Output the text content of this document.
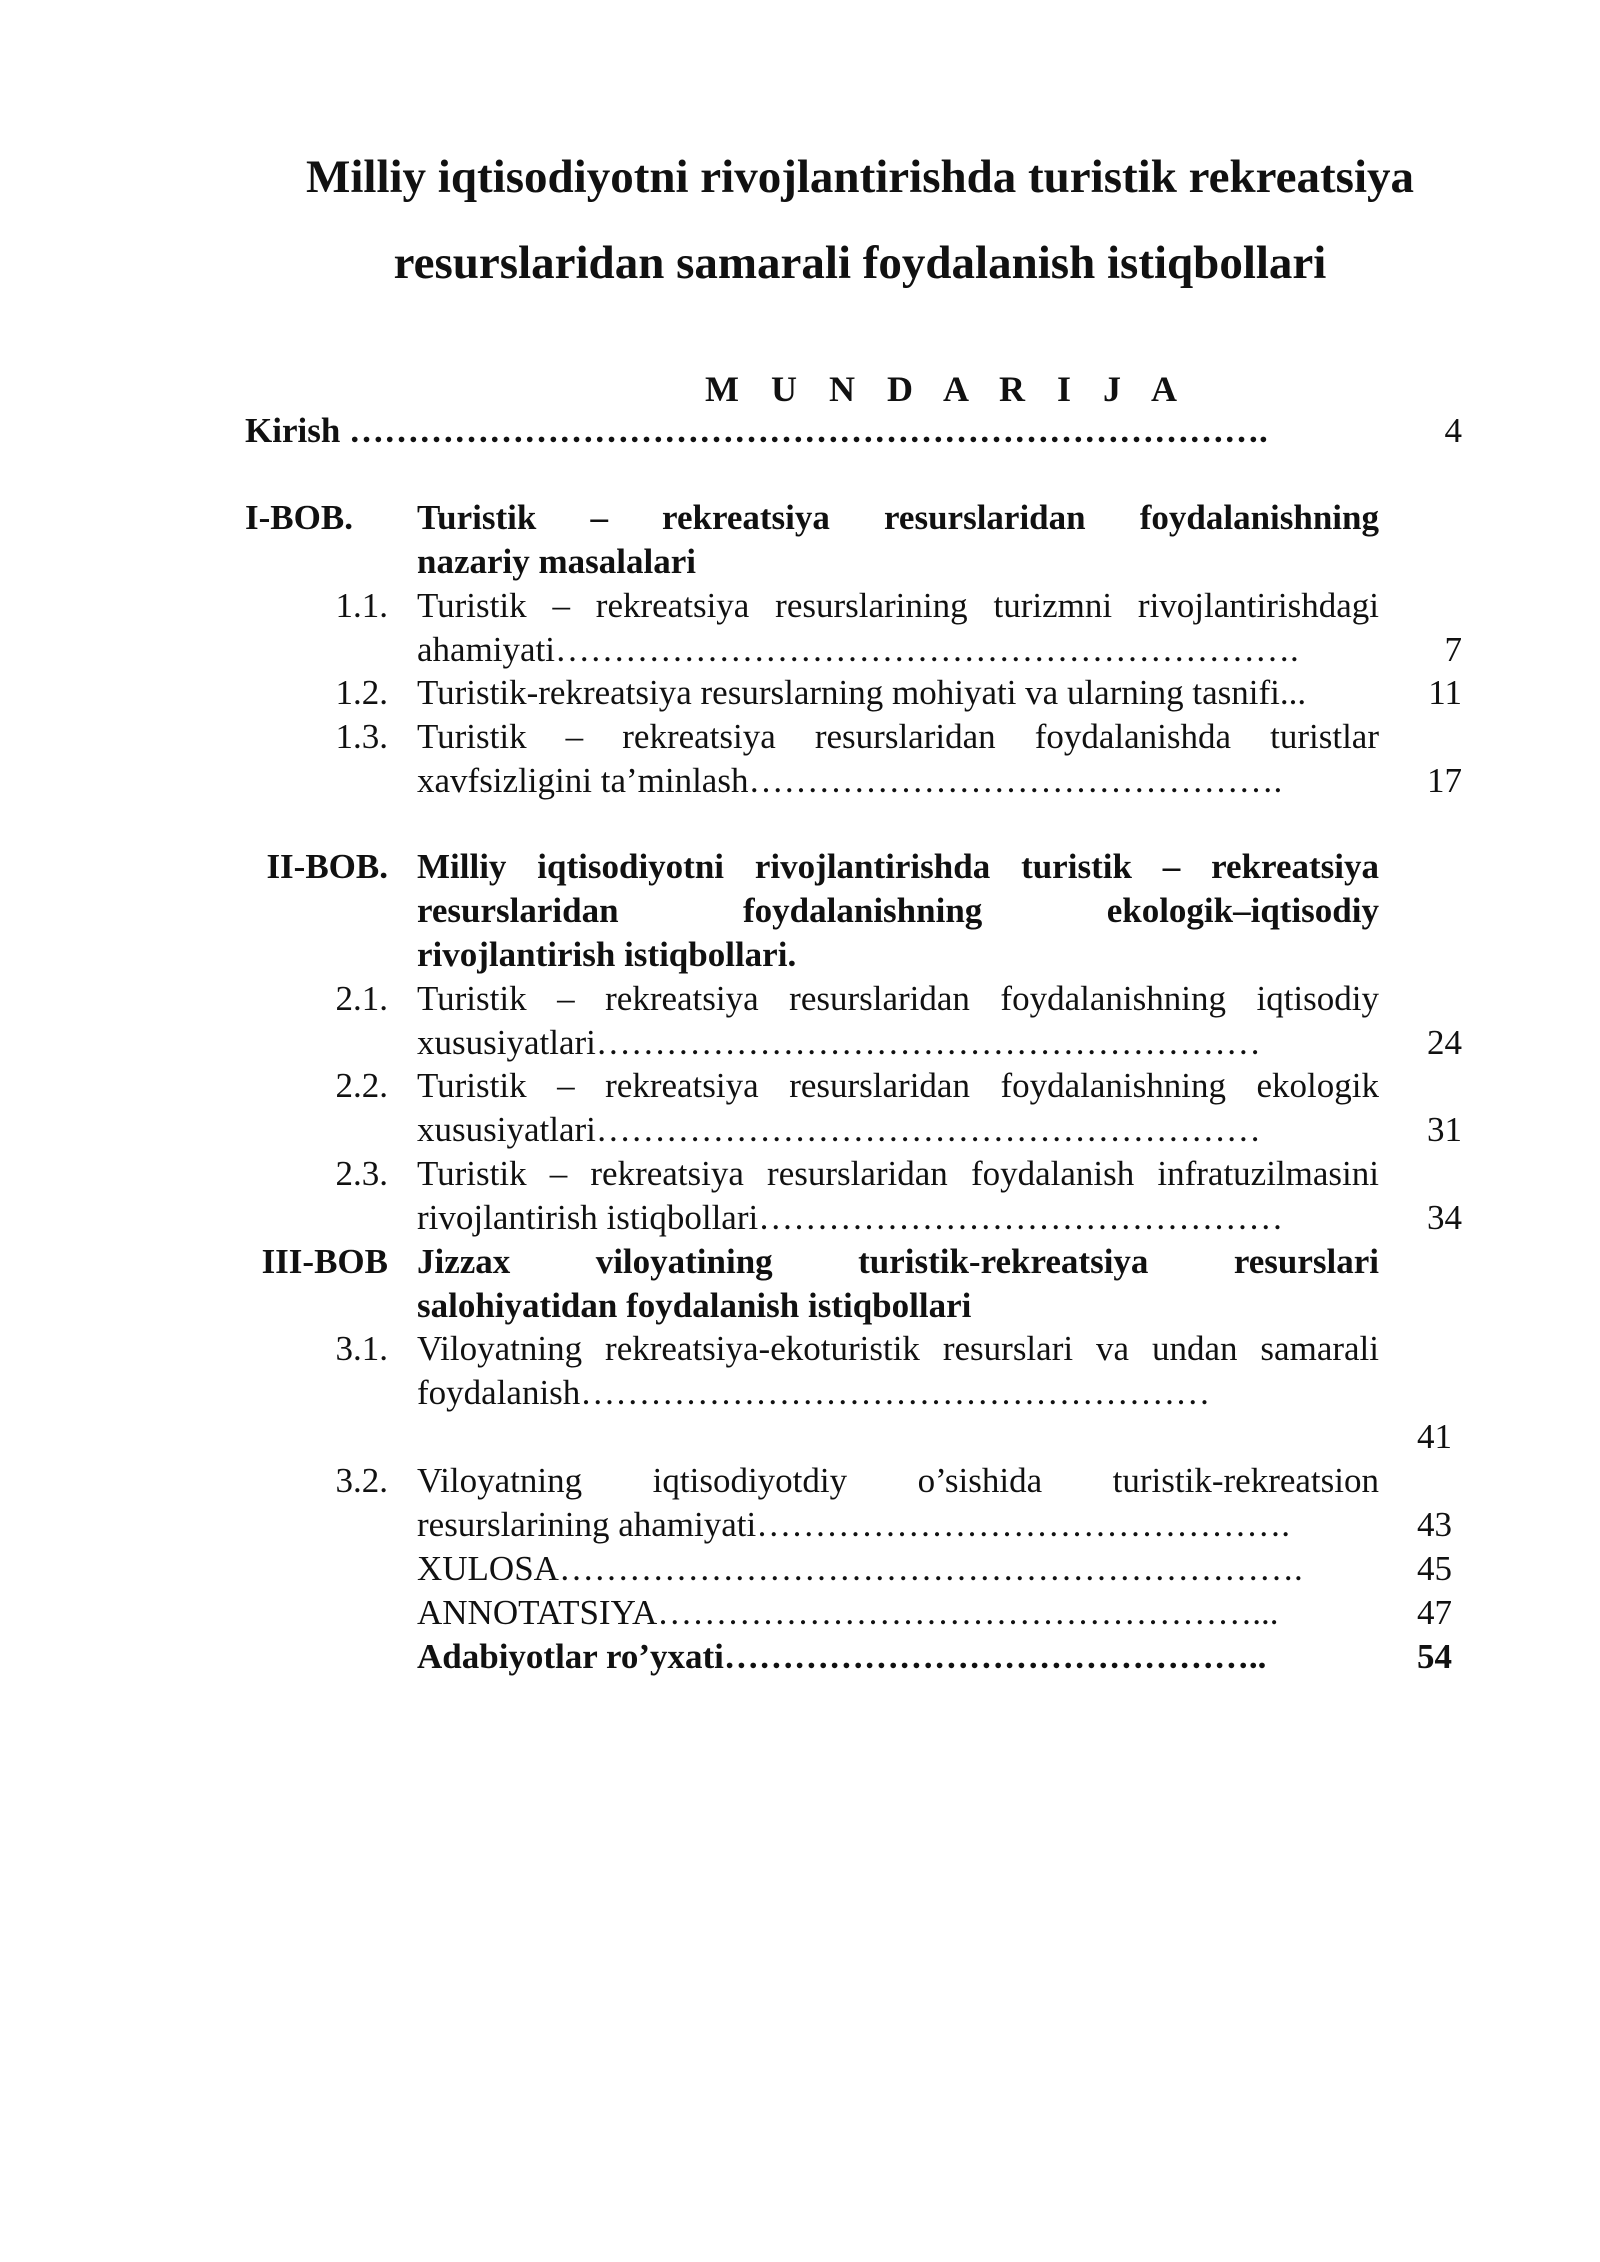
Milliy iqtisodiyotni rivojlantirishda turistik rekreatsiya
resurslaridan samarali foydalanish istiqbollari
M U N D A R I J A
Kirish …………………………………………………………………….	4
I-BOB. Turistik – rekreatsiya resurslaridan foydalanishning
nazariy masalalari
1.1. Turistik – rekreatsiya resurslarining turizmni rivojlantirishdagi
ahamiyati……………………………………………………….	7
1.2. Turistik-rekreatsiya resurslarning mohiyati va ularning tasnifi...	11
1.3. Turistik – rekreatsiya resurslaridan foydalanishda turistlar
xavfsizligini ta’minlash……………………………………….	17
II-BOB. Milliy iqtisodiyotni rivojlantirishda turistik – rekreatsiya
resurslaridan foydalanishning ekologik–iqtisodiy
rivojlantirish istiqbollari.
2.1. Turistik – rekreatsiya resurslaridan foydalanishning iqtisodiy
xususiyatlari…………………………………………………	24
2.2. Turistik – rekreatsiya resurslaridan foydalanishning ekologik
xususiyatlari…………………………………………………	31
2.3. Turistik – rekreatsiya resurslaridan foydalanish infratuzilmasini
rivojlantirish istiqbollari………………………………………	34
III-BOB Jizzax viloyatining turistik-rekreatsiya resurslari
salohiyatidan foydalanish istiqbollari
3.1. Viloyatning rekreatsiya-ekoturistik resurslari va undan samarali
foydalanish………………………………………………
41
3.2. Viloyatning iqtisodiyotdiy o’sishida turistik-rekreatsion
resurslarining ahamiyati……………………………………….	43
XULOSA……………………………………………………….	45
ANNOTATSIYA……………………………………………...	47
Adabiyotlar ro’yxati………………………………………..	54
